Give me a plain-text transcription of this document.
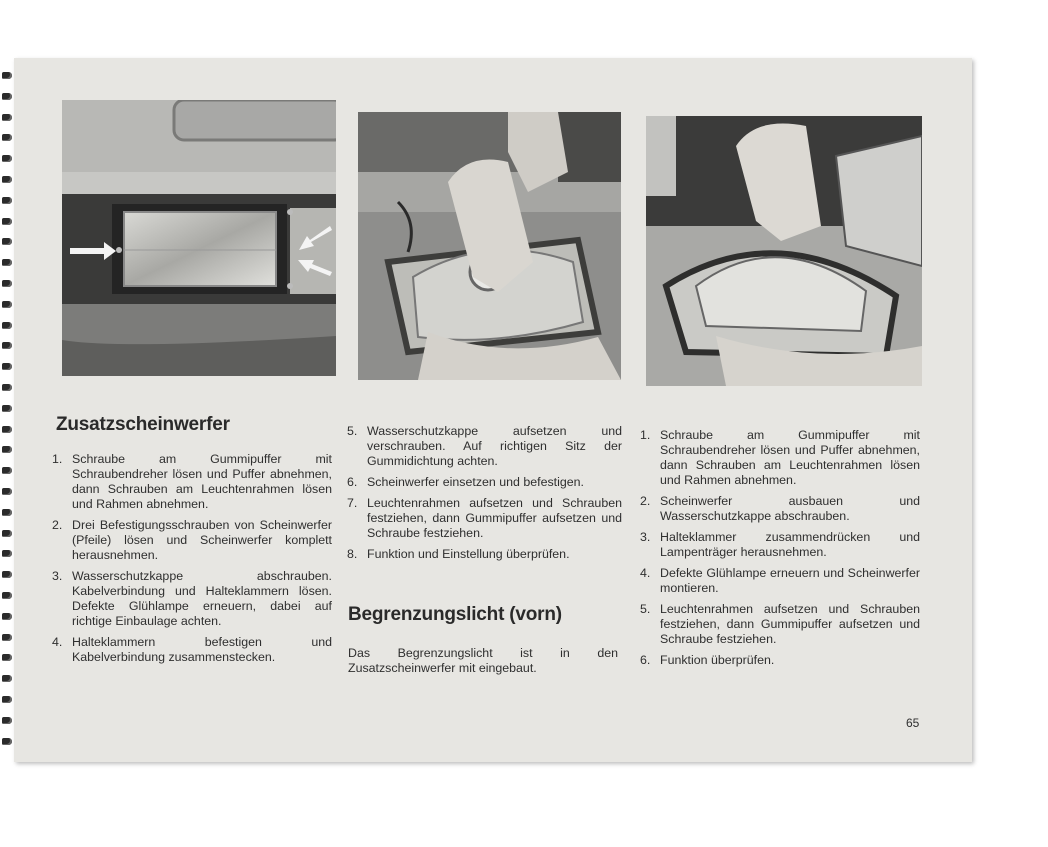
Zusatzscheinwerfer
1. Schraube am Gummipuffer mit Schraubendreher lösen und Puffer abnehmen, dann Schrauben am Leuchtenrahmen lösen und Rahmen abnehmen.
2. Drei Befestigungsschrauben von Scheinwerfer (Pfeile) lösen und Scheinwerfer komplett herausnehmen.
3. Wasserschutzkappe abschrauben. Kabelverbindung und Halteklammern lösen. Defekte Glühlampe erneuern, dabei auf richtige Einbaulage achten.
4. Halteklammern befestigen und Kabelverbindung zusammenstecken.
5. Wasserschutzkappe aufsetzen und verschrauben. Auf richtigen Sitz der Gummidichtung achten.
6. Scheinwerfer einsetzen und befestigen.
7. Leuchtenrahmen aufsetzen und Schrauben festziehen, dann Gummipuffer aufsetzen und Schraube festziehen.
8. Funktion und Einstellung überprüfen.
Begrenzungslicht (vorn)

Das Begrenzungslicht ist in den Zusatzscheinwerfer mit eingebaut.

1. Schraube am Gummipuffer mit Schraubendreher lösen und Puffer abnehmen, dann Schrauben am Leuchtenrahmen lösen und Rahmen abnehmen.
2. Scheinwerfer ausbauen und Wasserschutzkappe abschrauben.
3. Halteklammer zusammendrücken und Lampenträger herausnehmen.
4. Defekte Glühlampe erneuern und Scheinwerfer montieren.
5. Leuchtenrahmen aufsetzen und Schrauben festziehen, dann Gummipuffer aufsetzen und Schraube festziehen.
6. Funktion überprüfen.
65
